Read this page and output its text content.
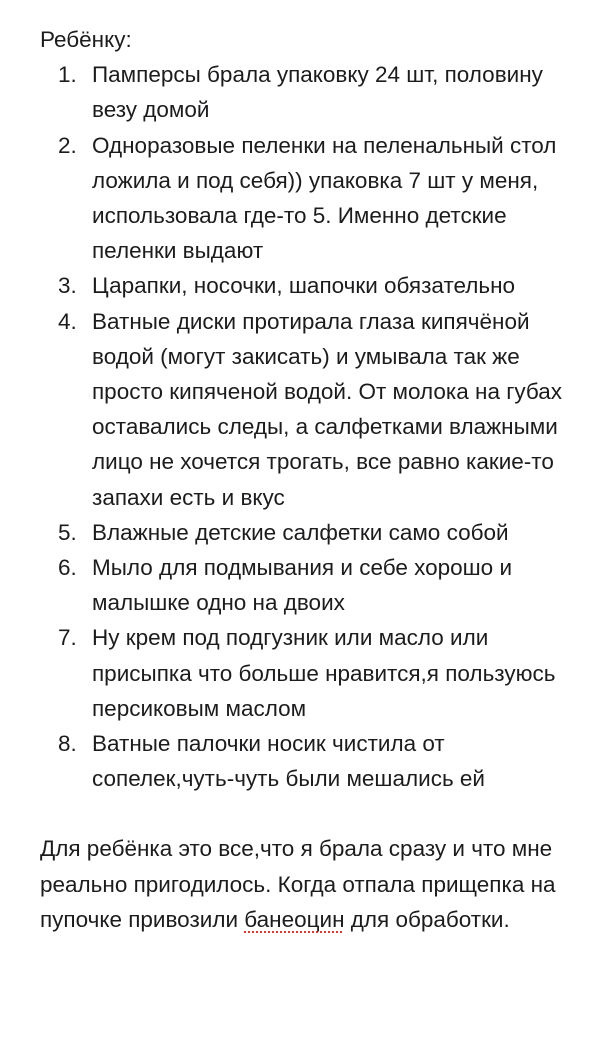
Ребёнку:

1. Памперсы брала упаковку 24 шт, половину везу домой
2. Одноразовые пеленки на пеленальный стол ложила и под себя)) упаковка 7 шт у меня, использовала где-то 5. Именно детские пеленки выдают
3. Царапки, носочки, шапочки обязательно
4. Ватные диски протирала глаза кипячёной водой (могут закисать) и умывала так же просто кипяченой водой. От молока на губах оставались следы, а салфетками влажными лицо не хочется трогать, все равно какие-то запахи есть и вкус
5. Влажные детские салфетки само собой
6. Мыло для подмывания и себе хорошо и малышке одно на двоих
7. Ну крем под подгузник или масло или присыпка что больше нравится,я пользуюсь персиковым маслом
8. Ватные палочки носик чистила от сопелек,чуть-чуть были мешались ей

Для ребёнка это все,что я брала сразу и что мне реально пригодилось. Когда отпала прищепка на пупочке привозили банеоцин для обработки.
